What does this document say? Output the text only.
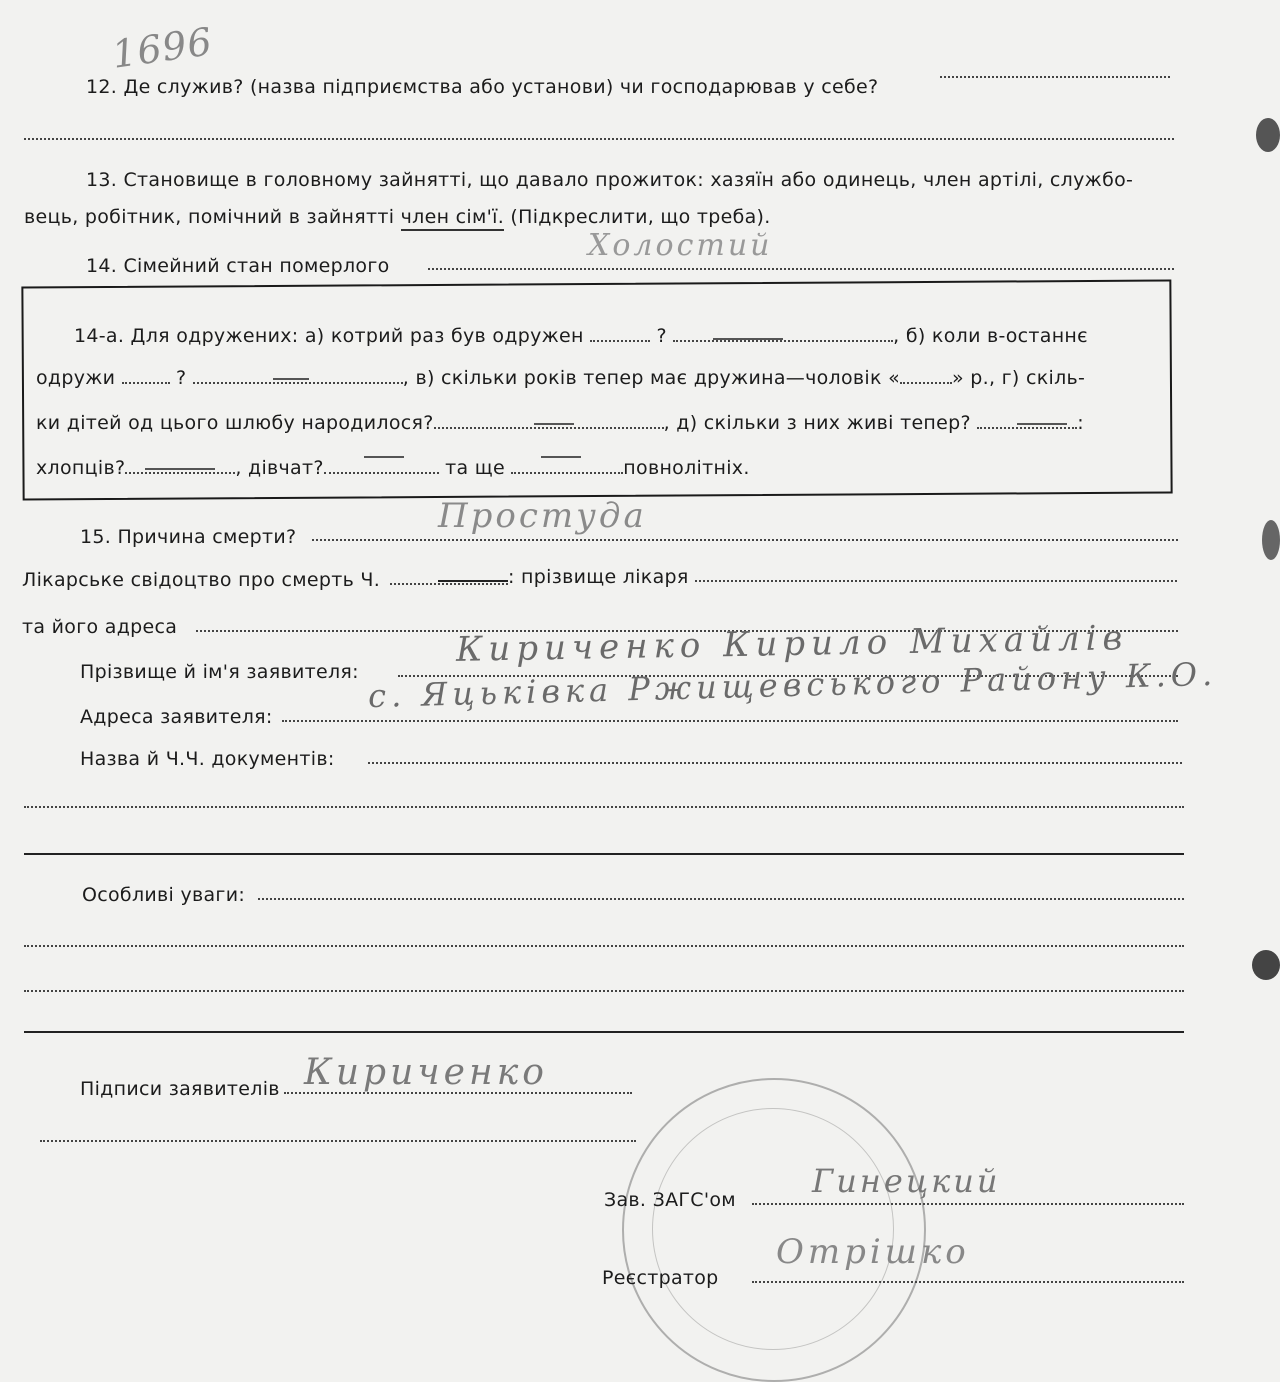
1696
12. Де служив? (назва підприємства або установи) чи господарював у себе?
13. Становище в головному зайнятті, що давало прожиток: хазяїн або одинець, член артілі, службо-
вець, робітник, помічний в зайнятті член сім'ї. (Підкреслити, що треба).
14. Сімейний стан померлого
Холостий
14-а. Для одружених: а) котрий раз був одружен	?	, б) коли в-останнє
одружи	?	, в) скільки років тепер має дружина—чоловік «	» р., г) скіль-
ки дітей од цього шлюбу народилося?	, д) скільки з них живі тепер?	:
хлопців?	, дівчат?	та ще	повнолітніх.
15. Причина смерти?
Простуда
Лікарське свідоцтво про смерть Ч.	: прізвище лікаря
та його адреса
Прізвище й ім'я заявителя:
Кириченко Кирило Михайлів
Адреса заявителя:
с. Яцьківка Ржищевського Району К.О.
Назва й Ч.Ч. документів:
Особливі уваги:
Підписи заявителів Кириченко
Зав. ЗАГС'ом Гинецкий
Реєстратор
Отрішко
